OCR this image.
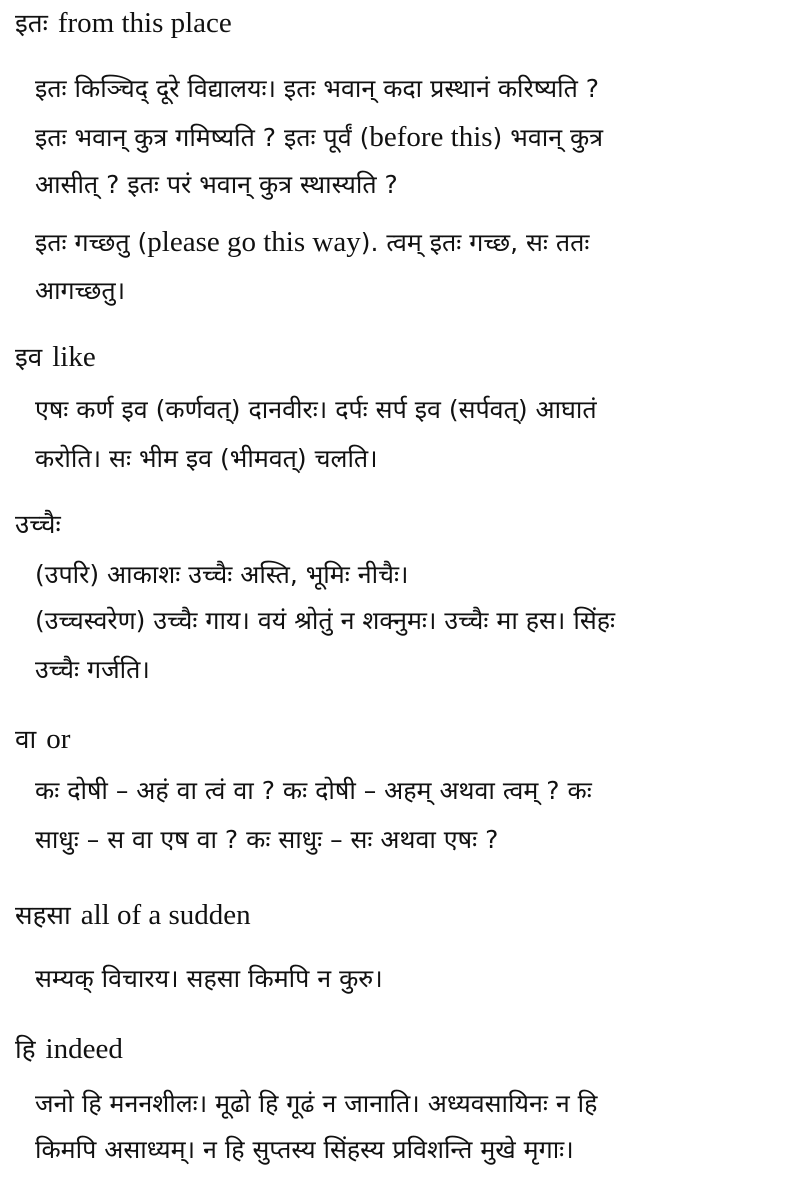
इतः from this place
इतः किञ्चिद् दूरे विद्यालयः। इतः भवान् कदा प्रस्थानं करिष्यति ?
इतः भवान् कुत्र गमिष्यति ? इतः पूर्वं (before this) भवान् कुत्र
आसीत् ? इतः परं भवान् कुत्र स्थास्यति ?
इतः गच्छतु (please go this way). त्वम् इतः गच्छ, सः ततः
आगच्छतु।
इव like
एषः कर्ण इव (कर्णवत्) दानवीरः। दर्पः सर्प इव (सर्पवत्) आघातं
करोति। सः भीम इव (भीमवत्) चलति।
उच्चैः
(उपरि) आकाशः उच्चैः अस्ति, भूमिः नीचैः।
(उच्चस्वरेण) उच्चैः गाय। वयं श्रोतुं न शक्नुमः। उच्चैः मा हस। सिंहः
उच्चैः गर्जति।
वा or
कः दोषी – अहं वा त्वं वा ? कः दोषी – अहम् अथवा त्वम् ? कः
साधुः – स वा एष वा ? कः साधुः – सः अथवा एषः ?
सहसा all of a sudden
सम्यक् विचारय। सहसा किमपि न कुरु।
हि indeed
जनो हि मननशीलः। मूढो हि गूढं न जानाति। अध्यवसायिनः न हि
किमपि असाध्यम्। न हि सुप्तस्य सिंहस्य प्रविशन्ति मुखे मृगाः।
